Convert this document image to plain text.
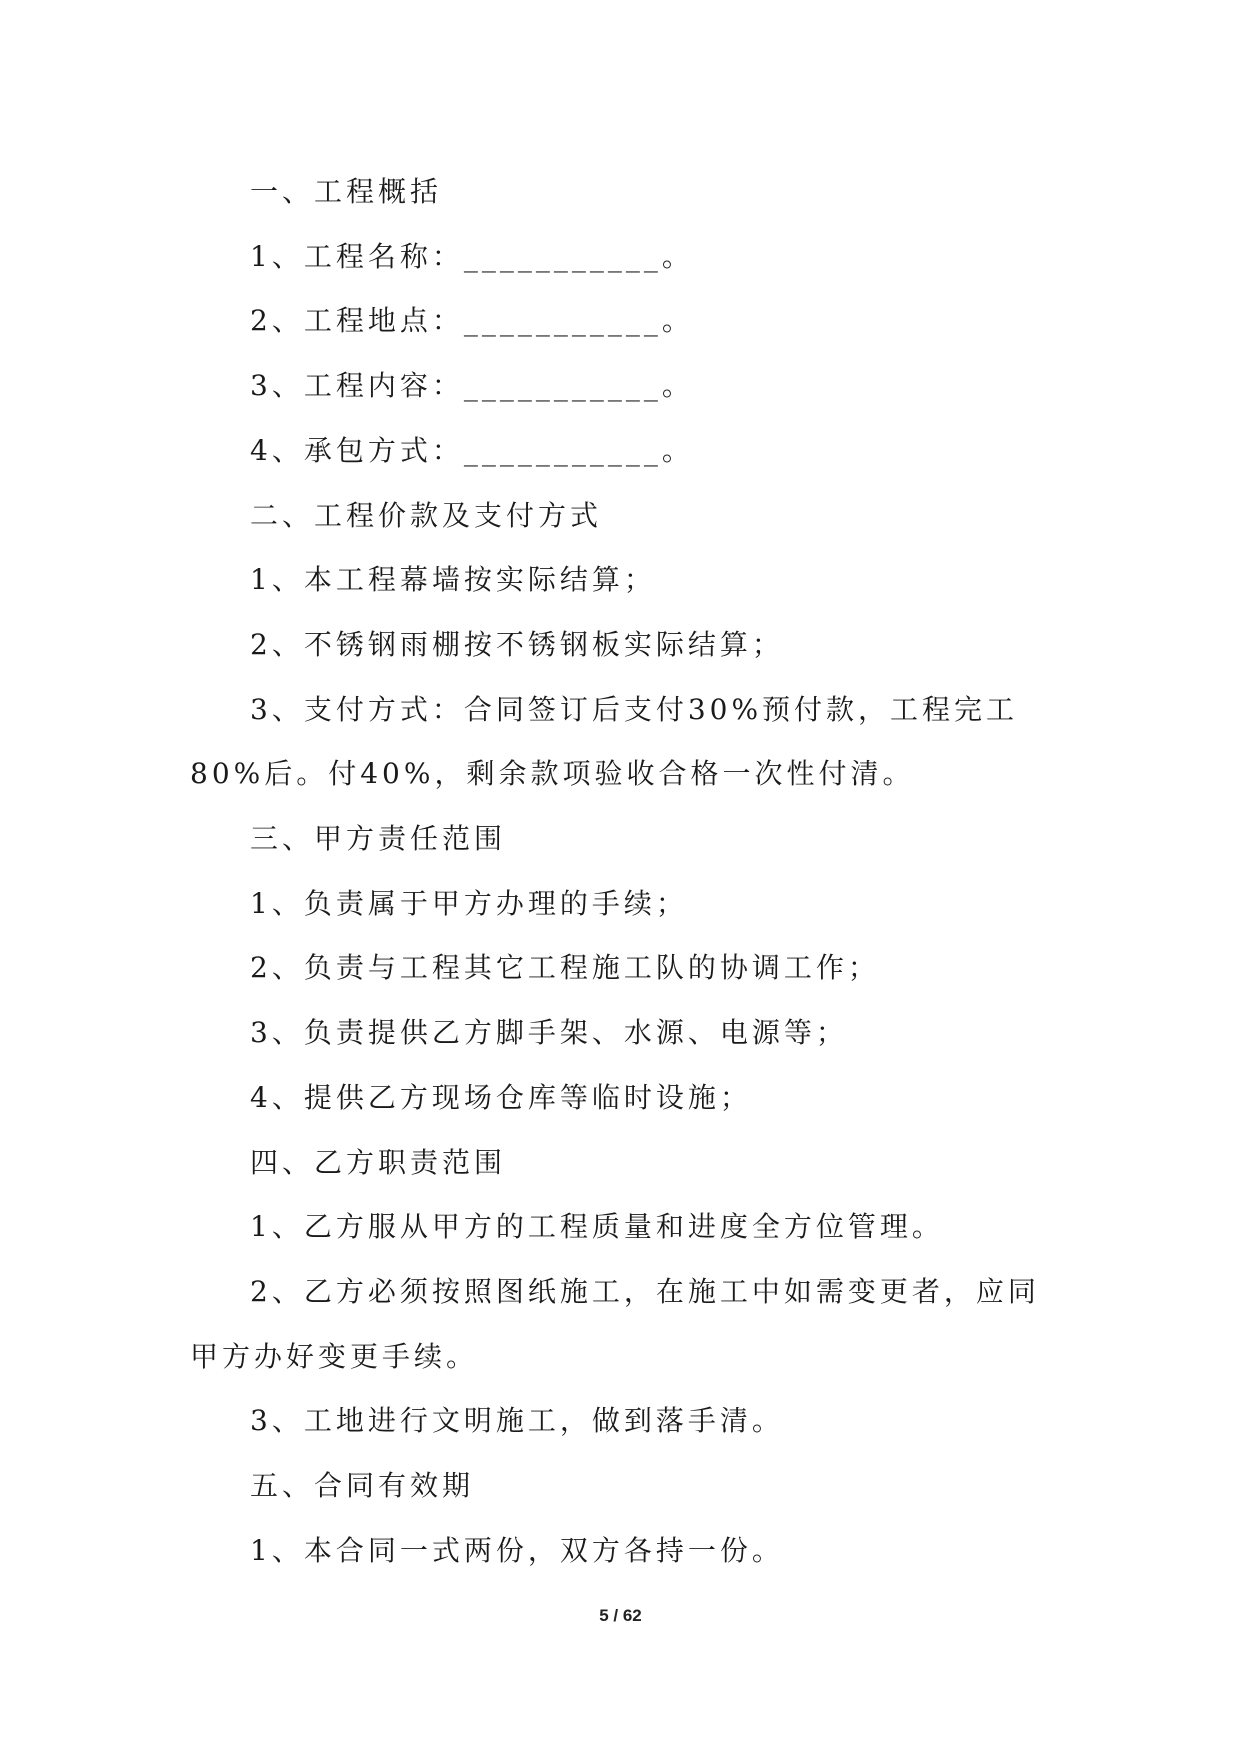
一、工程概括

1、工程名称：___________。

2、工程地点：___________。

3、工程内容：___________。

4、承包方式：___________。

二、工程价款及支付方式

1、本工程幕墙按实际结算；

2、不锈钢雨棚按不锈钢板实际结算；

3、支付方式：合同签订后支付30%预付款，工程完工80%后。付40%，剩余款项验收合格一次性付清。

三、甲方责任范围

1、负责属于甲方办理的手续；

2、负责与工程其它工程施工队的协调工作；

3、负责提供乙方脚手架、水源、电源等；

4、提供乙方现场仓库等临时设施；

四、乙方职责范围

1、乙方服从甲方的工程质量和进度全方位管理。

2、乙方必须按照图纸施工，在施工中如需变更者，应同甲方办好变更手续。

3、工地进行文明施工，做到落手清。

五、合同有效期

1、本合同一式两份，双方各持一份。

5 / 62
